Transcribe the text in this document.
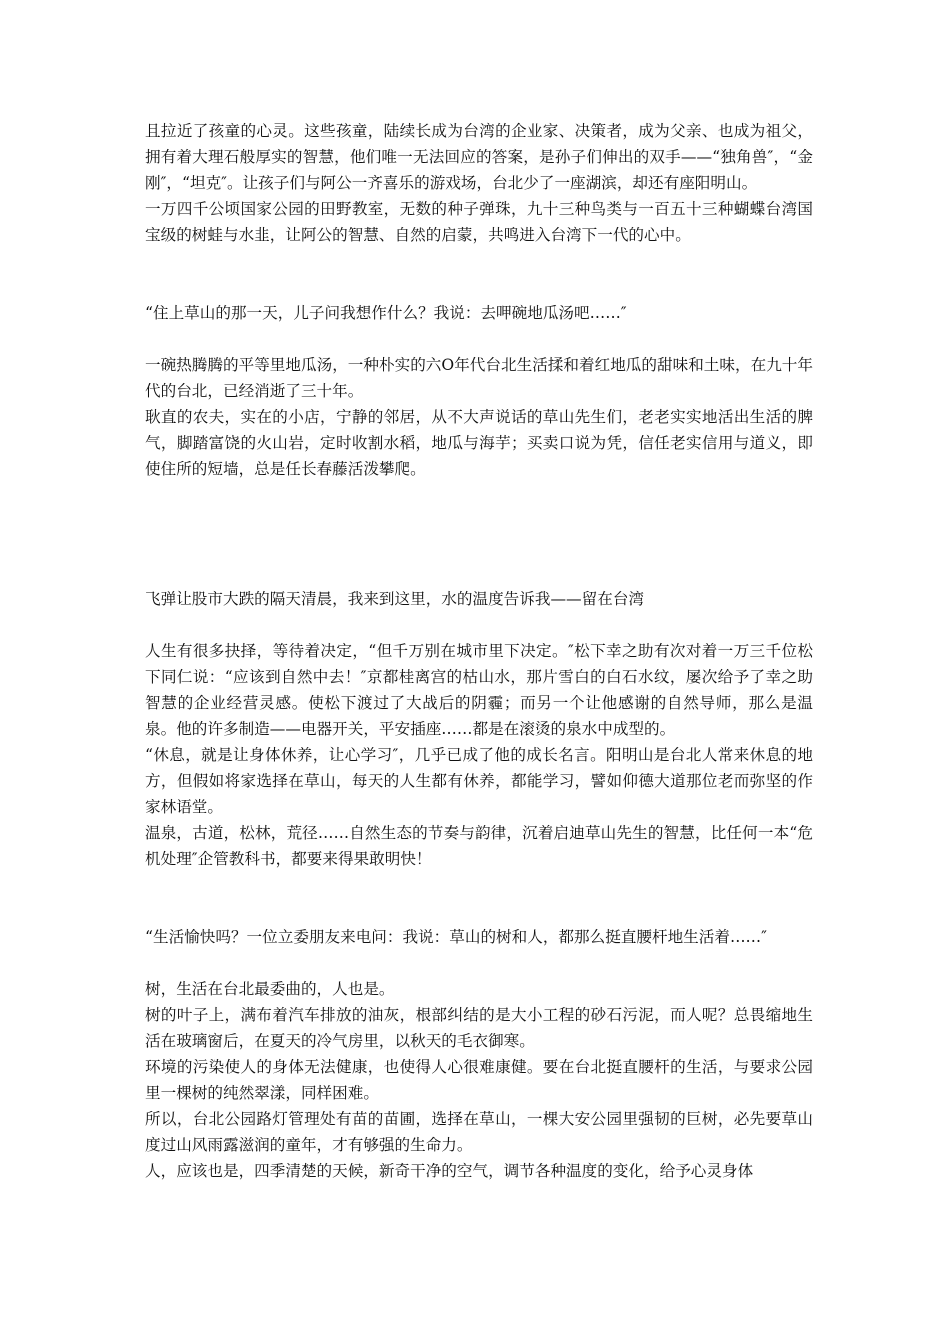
且拉近了孩童的心灵。这些孩童，陆续长成为台湾的企业家、决策者，成为父亲、也成为祖父，拥有着大理石般厚实的智慧，他们唯一无法回应的答案，是孙子们伸出的双手——“独角兽″，“金刚″，“坦克″。让孩子们与阿公一齐喜乐的游戏场，台北少了一座湖滨，却还有座阳明山。

一万四千公顷国家公园的田野教室，无数的种子弹珠，九十三种鸟类与一百五十三种蝴蝶台湾国宝级的树蛙与水韭，让阿公的智慧、自然的启蒙，共鸣进入台湾下一代的心中。

“住上草山的那一天，儿子问我想作什么？我说：去呷碗地瓜汤吧……″

一碗热腾腾的平等里地瓜汤，一种朴实的六O年代台北生活揉和着红地瓜的甜味和土味，在九十年代的台北，已经消逝了三十年。

耿直的农夫，实在的小店，宁静的邻居，从不大声说话的草山先生们，老老实实地活出生活的脾气，脚踏富饶的火山岩，定时收割水稻，地瓜与海芋；买卖口说为凭，信任老实信用与道义，即使住所的短墙，总是任长春藤活泼攀爬。

飞弹让股市大跌的隔天清晨，我来到这里，水的温度告诉我——留在台湾

人生有很多抉择，等待着决定，“但千万别在城市里下决定。″松下幸之助有次对着一万三千位松下同仁说：“应该到自然中去！″京都桂离宫的枯山水，那片雪白的白石水纹，屡次给予了幸之助智慧的企业经营灵感。使松下渡过了大战后的阴霾；而另一个让他感谢的自然导师，那么是温泉。他的许多制造——电器开关，平安插座……都是在滚烫的泉水中成型的。

“休息，就是让身体休养，让心学习″，几乎已成了他的成长名言。阳明山是台北人常来休息的地方，但假如将家选择在草山，每天的人生都有休养，都能学习，譬如仰德大道那位老而弥坚的作家林语堂。

温泉，古道，松林，荒径……自然生态的节奏与韵律，沉着启迪草山先生的智慧，比任何一本“危机处理″企管教科书，都要来得果敢明快！

“生活愉快吗？一位立委朋友来电问：我说：草山的树和人，都那么挺直腰杆地生活着……″

树，生活在台北最委曲的，人也是。

树的叶子上，满布着汽车排放的油灰，根部纠结的是大小工程的砂石污泥，而人呢？总畏缩地生活在玻璃窗后，在夏天的冷气房里，以秋天的毛衣御寒。

环境的污染使人的身体无法健康，也使得人心很难康健。要在台北挺直腰杆的生活，与要求公园里一棵树的纯然翠漾，同样困难。

所以，台北公园路灯管理处有苗的苗圃，选择在草山，一棵大安公园里强韧的巨树，必先要草山度过山风雨露滋润的童年，才有够强的生命力。

人，应该也是，四季清楚的天候，新奇干净的空气，调节各种温度的变化，给予心灵身体
